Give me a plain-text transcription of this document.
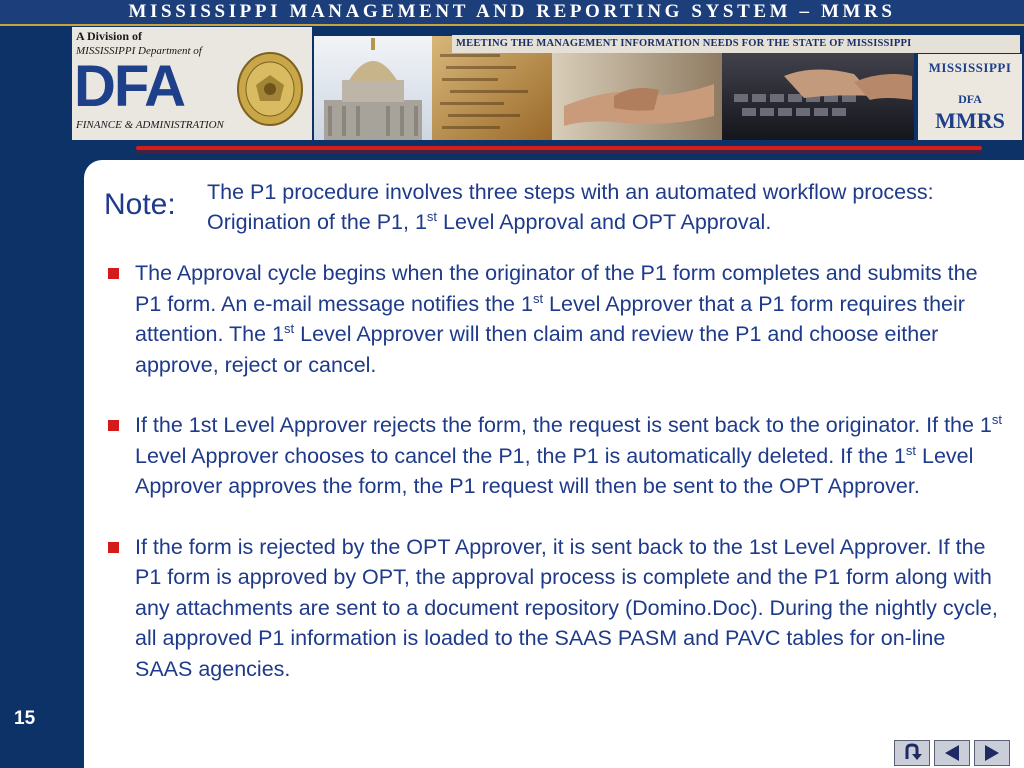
MISSISSIPPI MANAGEMENT AND REPORTING SYSTEM – MMRS
A Division of
MISSISSIPPI Department of
DFA
FINANCE & ADMINISTRATION
MEETING THE MANAGEMENT INFORMATION NEEDS FOR THE STATE OF MISSISSIPPI
MISSISSIPPI
DFA
MMRS
Note: The P1 procedure involves three steps with an automated workflow process: Origination of the P1, 1st Level Approval and OPT Approval.
The Approval cycle begins when the originator of the P1 form completes and submits the P1 form. An e-mail message notifies the 1st Level Approver that a P1 form requires their attention. The 1st Level Approver will then claim and review the P1 and choose either approve, reject or cancel.
If the 1st Level Approver rejects the form, the request is sent back to the originator. If the 1st Level Approver chooses to cancel the P1, the P1 is automatically deleted. If the 1st Level Approver approves the form, the P1 request will then be sent to the OPT Approver.
If the form is rejected by the OPT Approver, it is sent back to the 1st Level Approver. If the P1 form is approved by OPT, the approval process is complete and the P1 form along with any attachments are sent to a document repository (Domino.Doc). During the nightly cycle, all approved P1 information is loaded to the SAAS PASM and PAVC tables for on-line SAAS agencies.
15
